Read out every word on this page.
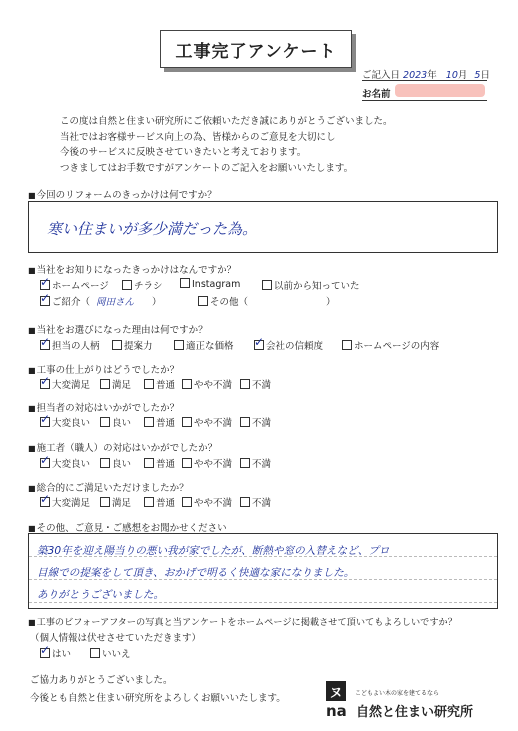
工事完了アンケート
ご記入日 2023年 10月 5日
お名前
この度は自然と住まい研究所にご依頼いただき誠にありがとうございました。
当社ではお客様サービス向上の為、皆様からのご意見を大切にし
今後のサービスに反映させていきたいと考えております。
つきましてはお手数ですがアンケートのご記入をお願いいたします。
■ 今回のリフォームのきっかけは何ですか？
寒い住まいが多少満だった為。
■ 当社をお知りになったきっかけはなんですか？
✓ホームページ	チラシ	Instagram	以前から知っていた
✓ご紹介（ 岡田さん ）	その他（	）
■ 当社をお選びになった理由は何ですか？
✓担当の人柄	提案力	適正な価格
✓	会社の信頼度	ホームページの内容
■ 工事の仕上がりはどうでしたか？
✓大変満足	満足	普通	やや不満	不満
■ 担当者の対応はいかがでしたか？
✓大変良い	良い	普通	やや不満	不満
■ 施工者（職人）の対応はいかがでしたか？
✓大変良い	良い	普通	やや不満	不満
■ 総合的にご満足いただけましたか？
✓大変満足	満足	普通	やや不満	不満
■ その他、ご意見・ご感想をお聞かせください
築30年を迎え陽当りの悪い我が家でしたが、断熱や窓の入替えなど、プロ
目線での提案をして頂き、おかげで明るく快適な家になりました。
ありがとうございました。
■ 工事のビフォーアフターの写真と当アンケートをホームページに掲載させて頂いてもよろしいですか？
（個人情報は伏せさせていただきます）
✓はい	いいえ
ご協力ありがとうございました。
今後とも自然と住まい研究所をよろしくお願いいたします。	ヌ	こどもよい木の家を建てるなら
na 自然と住まい研究所
